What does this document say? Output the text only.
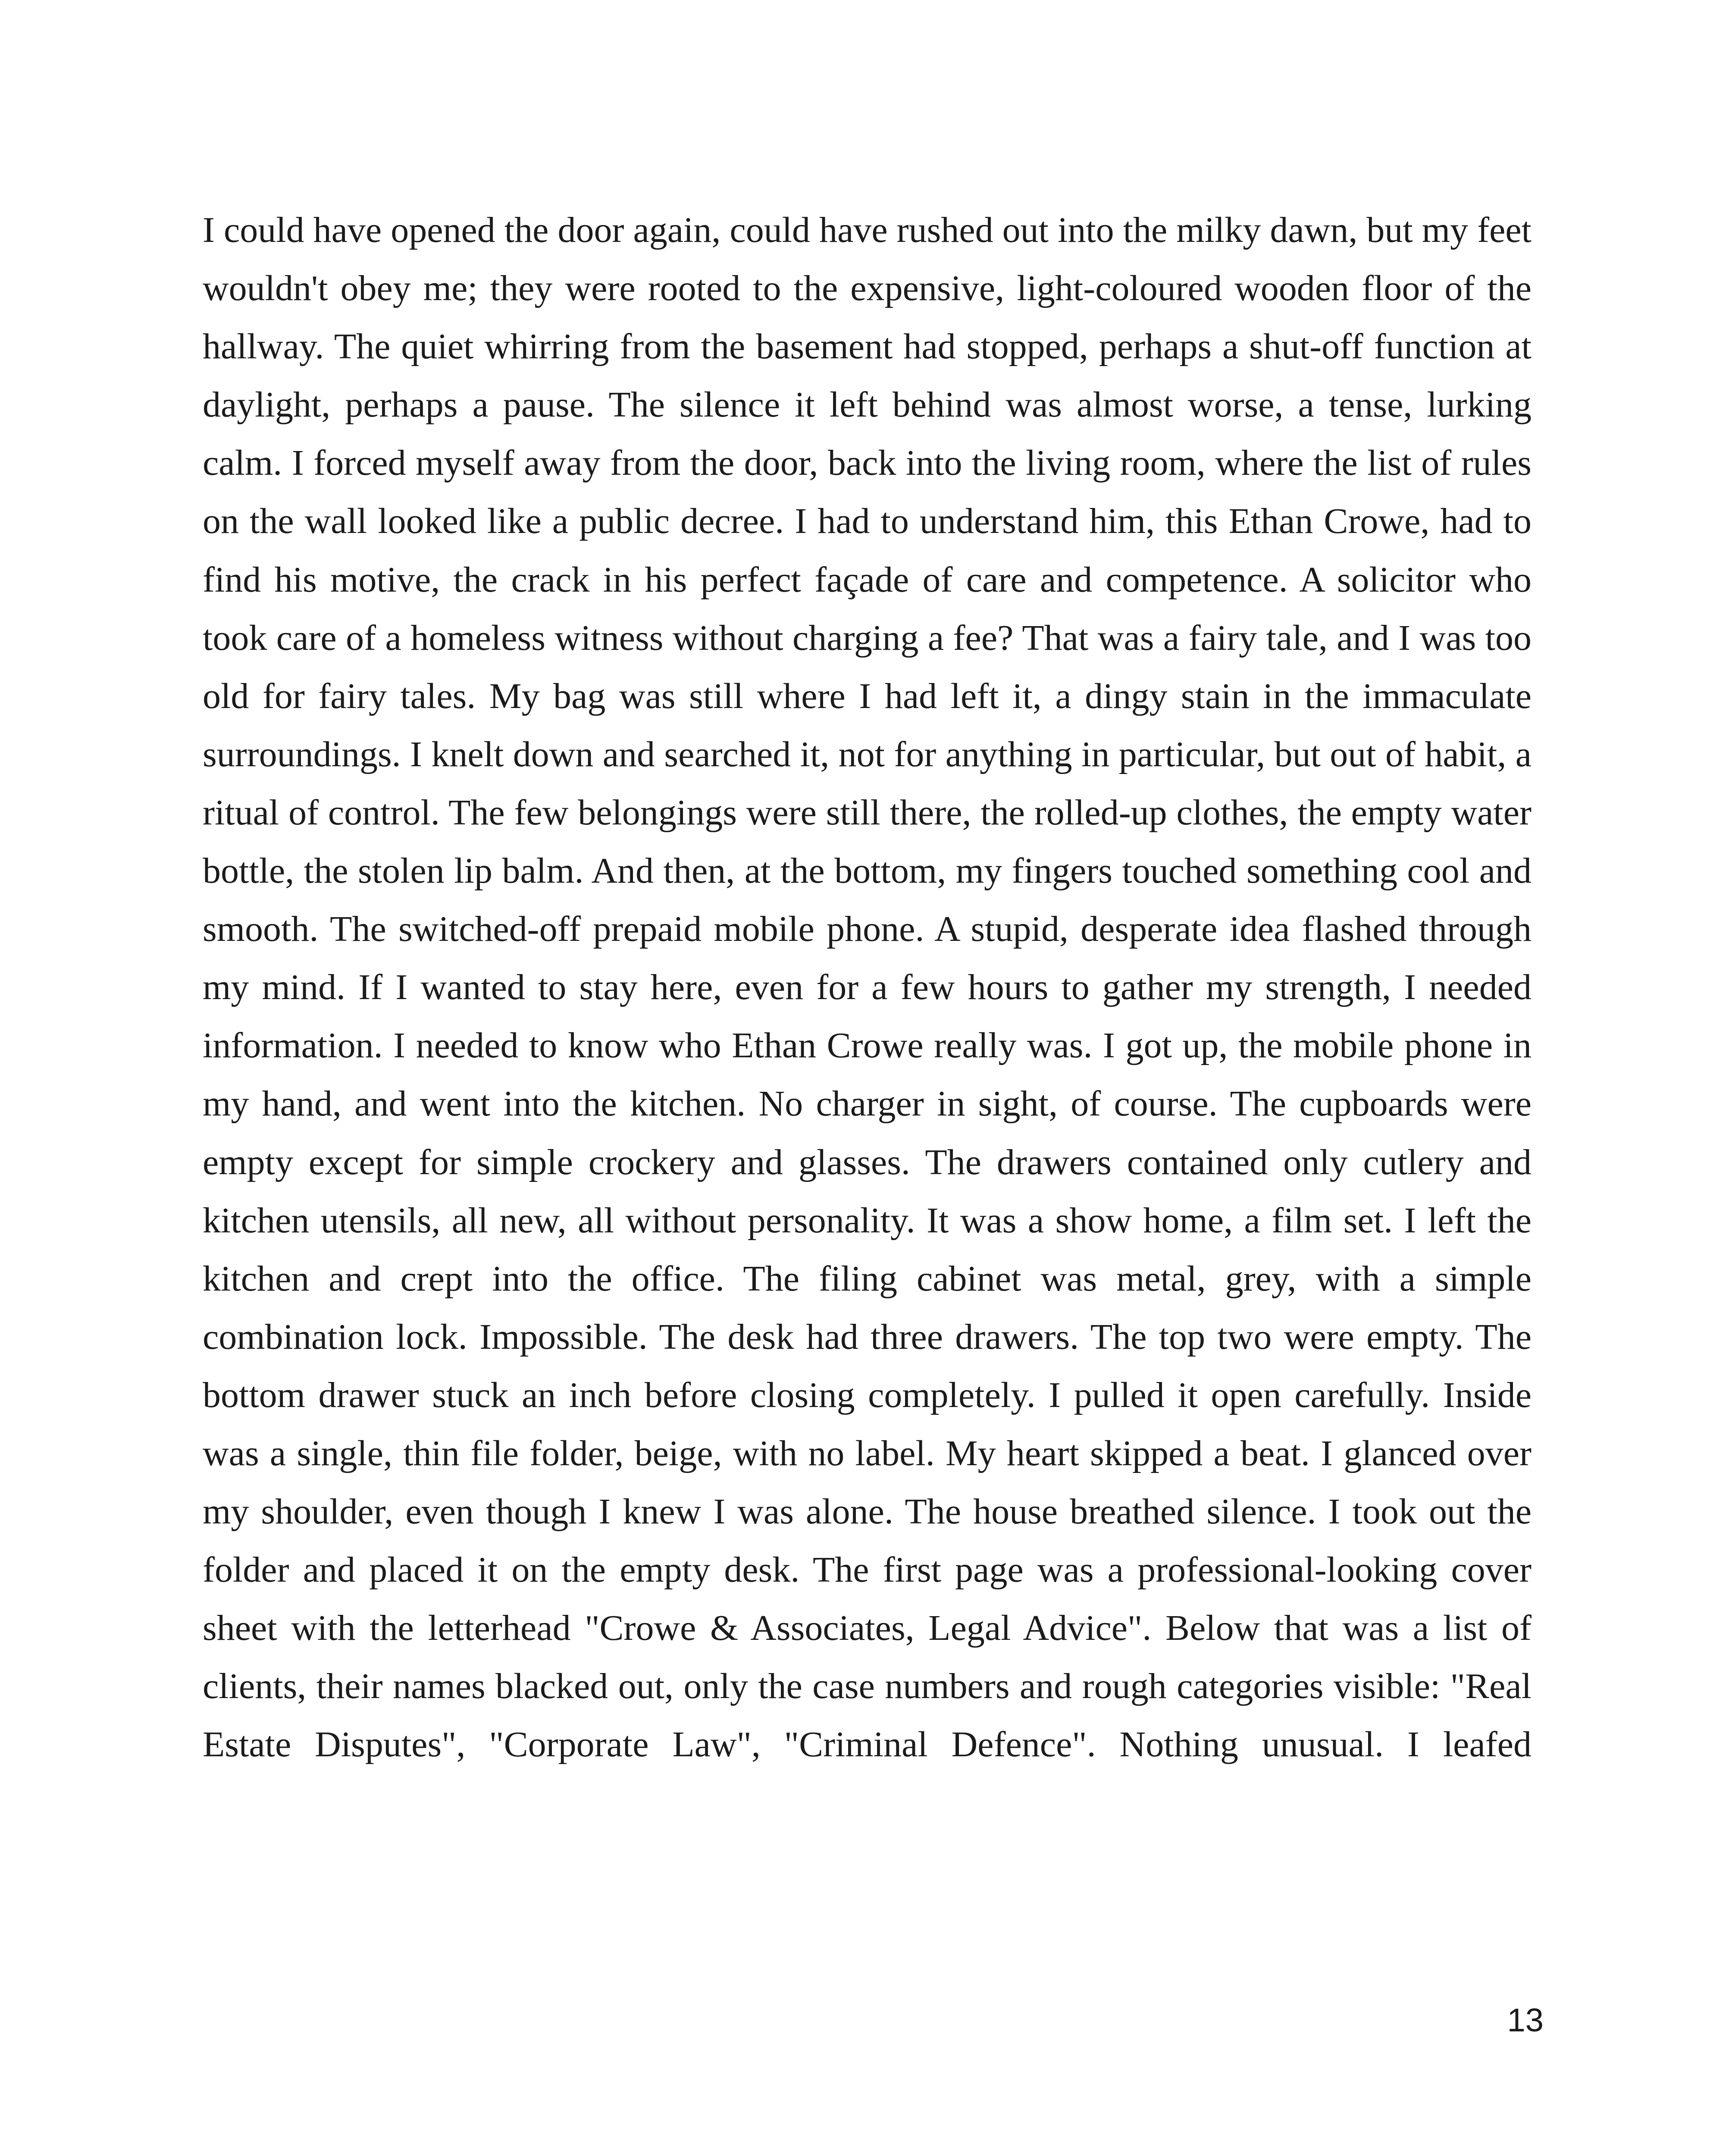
I could have opened the door again, could have rushed out into the milky dawn, but my feet wouldn't obey me; they were rooted to the expensive, light-coloured wooden floor of the hallway. The quiet whirring from the basement had stopped, perhaps a shut-off function at daylight, perhaps a pause. The silence it left behind was almost worse, a tense, lurking calm. I forced myself away from the door, back into the living room, where the list of rules on the wall looked like a public decree. I had to understand him, this Ethan Crowe, had to find his motive, the crack in his perfect façade of care and competence. A solicitor who took care of a homeless witness without charging a fee? That was a fairy tale, and I was too old for fairy tales. My bag was still where I had left it, a dingy stain in the immaculate surroundings. I knelt down and searched it, not for anything in particular, but out of habit, a ritual of control. The few belongings were still there, the rolled-up clothes, the empty water bottle, the stolen lip balm. And then, at the bottom, my fingers touched something cool and smooth. The switched-off prepaid mobile phone. A stupid, desperate idea flashed through my mind. If I wanted to stay here, even for a few hours to gather my strength, I needed information. I needed to know who Ethan Crowe really was. I got up, the mobile phone in my hand, and went into the kitchen. No charger in sight, of course. The cupboards were empty except for simple crockery and glasses. The drawers contained only cutlery and kitchen utensils, all new, all without personality. It was a show home, a film set. I left the kitchen and crept into the office. The filing cabinet was metal, grey, with a simple combination lock. Impossible. The desk had three drawers. The top two were empty. The bottom drawer stuck an inch before closing completely. I pulled it open carefully. Inside was a single, thin file folder, beige, with no label. My heart skipped a beat. I glanced over my shoulder, even though I knew I was alone. The house breathed silence. I took out the folder and placed it on the empty desk. The first page was a professional-looking cover sheet with the letterhead "Crowe & Associates, Legal Advice". Below that was a list of clients, their names blacked out, only the case numbers and rough categories visible: "Real Estate Disputes", "Corporate Law", "Criminal Defence". Nothing unusual. I leafed

13
